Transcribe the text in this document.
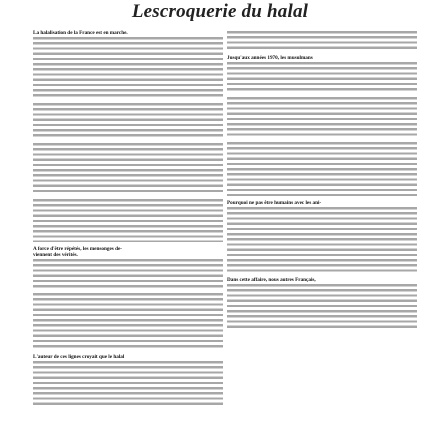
Lescroquerie du halal
La halalisation de la France est en marche.
A force d'être répétés, les mensonges de-
viennent des vérités.
L'auteur de ces lignes croyait que le halal
Jusqu'aux années 1970, les musulmans
Pourquoi ne pas être humains avec les ani-
Dans cette affaire, nous autres Français,
